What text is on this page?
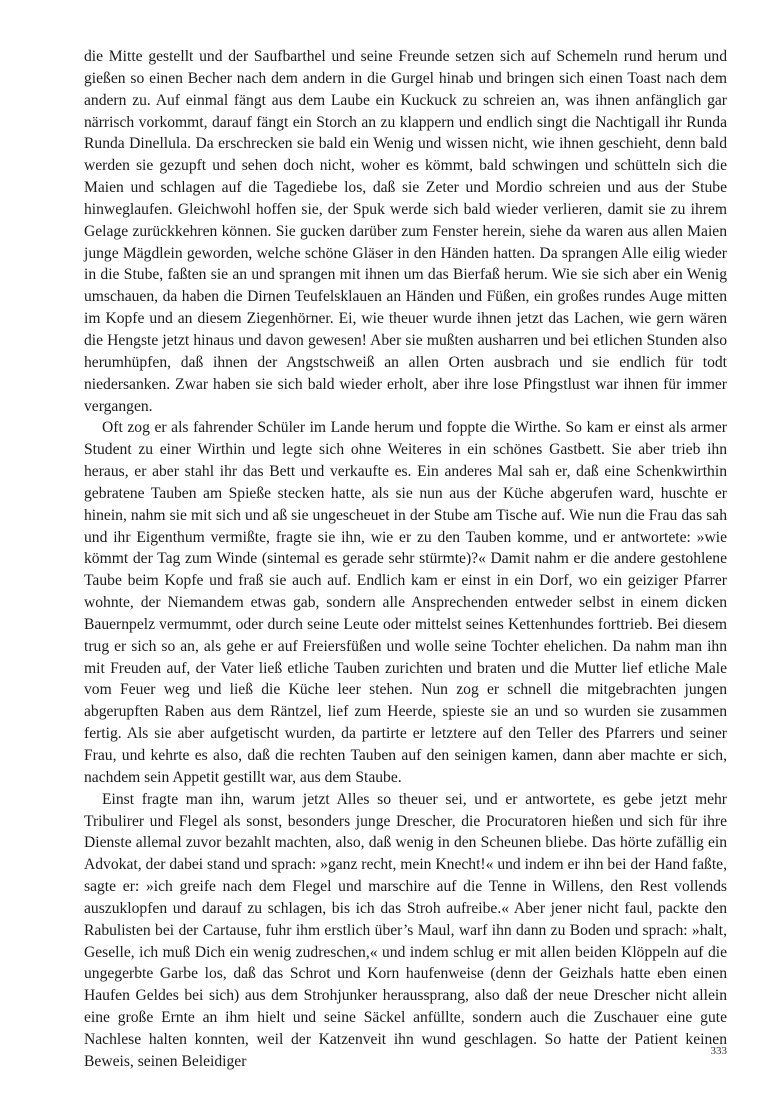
die Mitte gestellt und der Saufbarthel und seine Freunde setzen sich auf Schemeln rund herum und gießen so einen Becher nach dem andern in die Gurgel hinab und bringen sich einen Toast nach dem andern zu. Auf einmal fängt aus dem Laube ein Kuckuck zu schreien an, was ihnen anfänglich gar närrisch vorkommt, darauf fängt ein Storch an zu klappern und endlich singt die Nachtigall ihr Runda Runda Dinellula. Da erschrecken sie bald ein Wenig und wissen nicht, wie ihnen geschieht, denn bald werden sie gezupft und sehen doch nicht, woher es kömmt, bald schwingen und schütteln sich die Maien und schlagen auf die Tagediebe los, daß sie Zeter und Mordio schreien und aus der Stube hinweglaufen. Gleichwohl hoffen sie, der Spuk werde sich bald wieder verlieren, damit sie zu ihrem Gelage zurückkehren können. Sie gucken darüber zum Fenster herein, siehe da waren aus allen Maien junge Mägdlein geworden, welche schöne Gläser in den Händen hatten. Da sprangen Alle eilig wieder in die Stube, faßten sie an und sprangen mit ihnen um das Bierfaß herum. Wie sie sich aber ein Wenig umschauen, da haben die Dirnen Teufelsklauen an Händen und Füßen, ein großes rundes Auge mitten im Kopfe und an diesem Ziegenhörner. Ei, wie theuer wurde ihnen jetzt das Lachen, wie gern wären die Hengste jetzt hinaus und davon gewesen! Aber sie mußten ausharren und bei etlichen Stunden also herumhüpfen, daß ihnen der Angstschweiß an allen Orten ausbrach und sie endlich für todt niedersanken. Zwar haben sie sich bald wieder erholt, aber ihre lose Pfingstlust war ihnen für immer vergangen.

Oft zog er als fahrender Schüler im Lande herum und foppte die Wirthe. So kam er einst als armer Student zu einer Wirthin und legte sich ohne Weiteres in ein schönes Gastbett. Sie aber trieb ihn heraus, er aber stahl ihr das Bett und verkaufte es. Ein anderes Mal sah er, daß eine Schenkwirthin gebratene Tauben am Spieße stecken hatte, als sie nun aus der Küche abgerufen ward, huschte er hinein, nahm sie mit sich und aß sie ungescheuet in der Stube am Tische auf. Wie nun die Frau das sah und ihr Eigenthum vermißte, fragte sie ihn, wie er zu den Tauben komme, und er antwortete: »wie kömmt der Tag zum Winde (sintemal es gerade sehr stürmte)?« Damit nahm er die andere gestohlene Taube beim Kopfe und fraß sie auch auf. Endlich kam er einst in ein Dorf, wo ein geiziger Pfarrer wohnte, der Niemandem etwas gab, sondern alle Ansprechenden entweder selbst in einem dicken Bauernpelz vermummt, oder durch seine Leute oder mittelst seines Kettenhundes forttrieb. Bei diesem trug er sich so an, als gehe er auf Freiersfüßen und wolle seine Tochter ehelichen. Da nahm man ihn mit Freuden auf, der Vater ließ etliche Tauben zurichten und braten und die Mutter lief etliche Male vom Feuer weg und ließ die Küche leer stehen. Nun zog er schnell die mitgebrachten jungen abgerupften Raben aus dem Räntzel, lief zum Heerde, spieste sie an und so wurden sie zusammen fertig. Als sie aber aufgetischt wurden, da partirte er letztere auf den Teller des Pfarrers und seiner Frau, und kehrte es also, daß die rechten Tauben auf den seinigen kamen, dann aber machte er sich, nachdem sein Appetit gestillt war, aus dem Staube.

Einst fragte man ihn, warum jetzt Alles so theuer sei, und er antwortete, es gebe jetzt mehr Tribulirer und Flegel als sonst, besonders junge Drescher, die Procuratoren hießen und sich für ihre Dienste allemal zuvor bezahlt machten, also, daß wenig in den Scheunen bliebe. Das hörte zufällig ein Advokat, der dabei stand und sprach: »ganz recht, mein Knecht!« und indem er ihn bei der Hand faßte, sagte er: »ich greife nach dem Flegel und marschire auf die Tenne in Willens, den Rest vollends auszuklopfen und darauf zu schlagen, bis ich das Stroh aufreibe.« Aber jener nicht faul, packte den Rabulisten bei der Cartause, fuhr ihm erstlich über’s Maul, warf ihn dann zu Boden und sprach: »halt, Geselle, ich muß Dich ein wenig zudreschen,« und indem schlug er mit allen beiden Klöppeln auf die ungegerbte Garbe los, daß das Schrot und Korn haufenweise (denn der Geizhals hatte eben einen Haufen Geldes bei sich) aus dem Strohjunker heraussprang, also daß der neue Drescher nicht allein eine große Ernte an ihm hielt und seine Säckel anfüllte, sondern auch die Zuschauer eine gute Nachlese halten konnten, weil der Katzenveit ihn wund geschlagen. So hatte der Patient keinen Beweis, seinen Beleidiger

333
